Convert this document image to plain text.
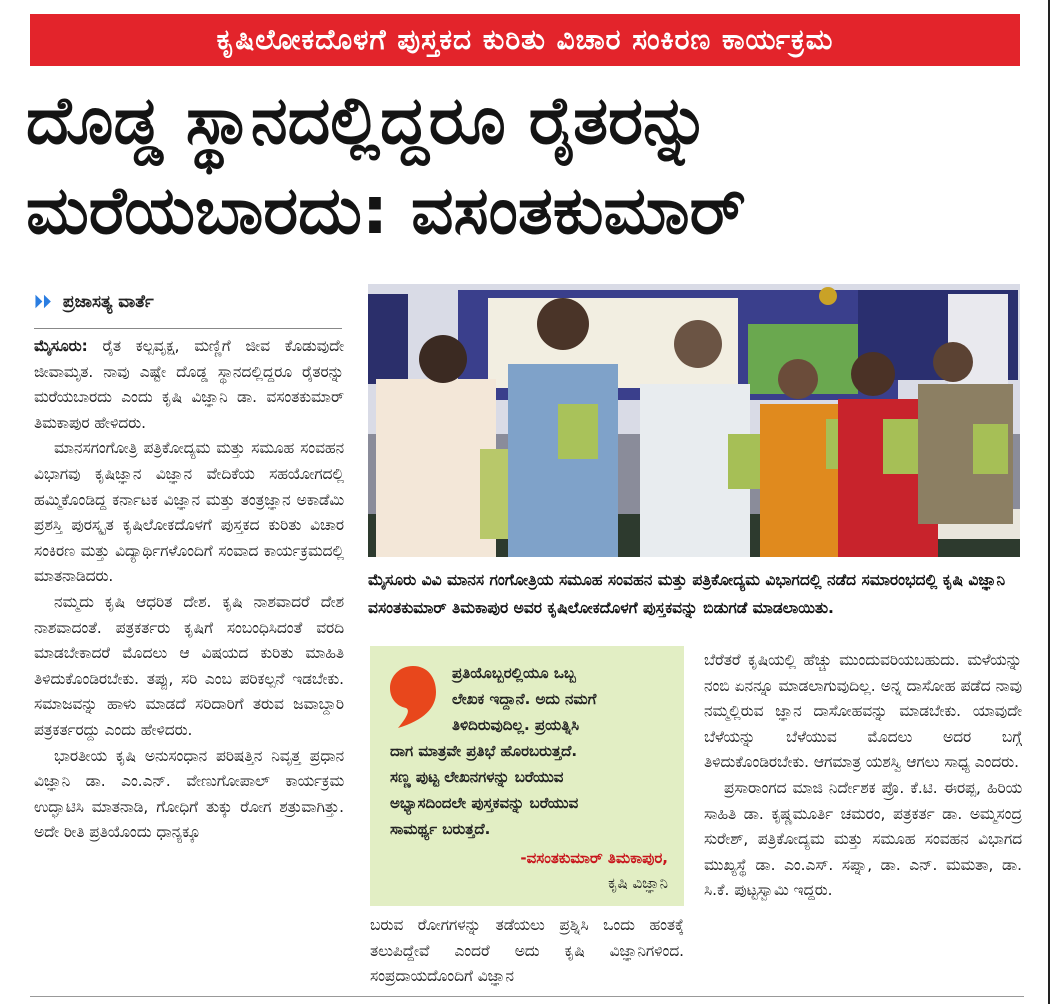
ಕೃಷಿಲೋಕದೊಳಗೆ ಪುಸ್ತಕದ ಕುರಿತು ವಿಚಾರ ಸಂಕಿರಣ ಕಾರ್ಯಕ್ರಮ
ದೊಡ್ಡ ಸ್ಥಾನದಲ್ಲಿದ್ದರೂ ರೈತರನ್ನು
ಮರೆಯಬಾರದು: ವಸಂತಕುಮಾರ್
⏵⏵ ಪ್ರಜಾಸತ್ಯ ವಾರ್ತೆ

ಮೈಸೂರು: ರೈತ ಕಲ್ಪವೃಕ್ಷ, ಮಣ್ಣಿಗೆ ಜೀವ ಕೊಡುವುದೇ ಜೀವಾಮೃತ. ನಾವು ಎಷ್ಟೇ ದೊಡ್ಡ ಸ್ಥಾನದಲ್ಲಿದ್ದರೂ ರೈತರನ್ನು ಮರೆಯಬಾರದು ಎಂದು ಕೃಷಿ ವಿಜ್ಞಾನಿ ಡಾ. ವಸಂತಕುಮಾರ್ ತಿಮಕಾಪುರ ಹೇಳಿದರು.

ಮಾನಸಗಂಗೋತ್ರಿ ಪತ್ರಿಕೋದ್ಯಮ ಮತ್ತು ಸಮೂಹ ಸಂವಹನ ವಿಭಾಗವು ಕೃಷಿಜ್ಞಾನ ವಿಜ್ಞಾನ ವೇದಿಕೆಯ ಸಹಯೋಗದಲ್ಲಿ ಹಮ್ಮಿಕೊಂಡಿದ್ದ ಕರ್ನಾಟಕ ವಿಜ್ಞಾನ ಮತ್ತು ತಂತ್ರಜ್ಞಾನ ಅಕಾಡೆಮಿ ಪ್ರಶಸ್ತಿ ಪುರಸ್ಕೃತ ಕೃಷಿಲೋಕದೊಳಗೆ ಪುಸ್ತಕದ ಕುರಿತು ವಿಚಾರ ಸಂಕಿರಣ ಮತ್ತು ವಿದ್ಯಾರ್ಥಿಗಳೊಂದಿಗೆ ಸಂವಾದ ಕಾರ್ಯಕ್ರಮದಲ್ಲಿ ಮಾತನಾಡಿದರು.

ನಮ್ಮದು ಕೃಷಿ ಆಧರಿತ ದೇಶ. ಕೃಷಿ ನಾಶವಾದರೆ ದೇಶ ನಾಶವಾದಂತೆ. ಪತ್ರಕರ್ತರು ಕೃಷಿಗೆ ಸಂಬಂಧಿಸಿದಂತೆ ವರದಿ ಮಾಡಬೇಕಾದರೆ ಮೊದಲು ಆ ವಿಷಯದ ಕುರಿತು ಮಾಹಿತಿ ತಿಳಿದುಕೊಂಡಿರಬೇಕು. ತಪ್ಪು, ಸರಿ ಎಂಬ ಪರಿಕಲ್ಪನೆ ಇಡಬೇಕು. ಸಮಾಜವನ್ನು ಹಾಳು ಮಾಡದೆ ಸರಿದಾರಿಗೆ ತರುವ ಜವಾಬ್ದಾರಿ ಪತ್ರಕರ್ತರದ್ದು ಎಂದು ಹೇಳಿದರು.

ಭಾರತೀಯ ಕೃಷಿ ಅನುಸಂಧಾನ ಪರಿಷತ್ತಿನ ನಿವೃತ್ತ ಪ್ರಧಾನ ವಿಜ್ಞಾನಿ ಡಾ. ಎಂ.ಎನ್. ವೇಣುಗೋಪಾಲ್ ಕಾರ್ಯಕ್ರಮ ಉದ್ಘಾಟಿಸಿ ಮಾತನಾಡಿ, ಗೋಧಿಗೆ ತುಕ್ಕು ರೋಗ ಶತ್ರುವಾಗಿತ್ತು. ಅದೇ ರೀತಿ ಪ್ರತಿಯೊಂದು ಧಾನ್ಯಕ್ಕೂ

ಮೈಸೂರು ವಿವಿ ಮಾನಸ ಗಂಗೋತ್ರಿಯ ಸಮೂಹ ಸಂವಹನ ಮತ್ತು ಪತ್ರಿಕೋದ್ಯಮ ವಿಭಾಗದಲ್ಲಿ ನಡೆದ ಸಮಾರಂಭದಲ್ಲಿ ಕೃಷಿ ವಿಜ್ಞಾನಿ ವಸಂತಕುಮಾರ್ ತಿಮಕಾಪುರ ಅವರ ಕೃಷಿಲೋಕದೊಳಗೆ ಪುಸ್ತಕವನ್ನು ಬಿಡುಗಡೆ ಮಾಡಲಾಯಿತು.
ಪ್ರತಿಯೊಬ್ಬರಲ್ಲಿಯೂ ಒಬ್ಬ
ಲೇಖಕ ಇದ್ದಾನೆ. ಅದು ನಮಗೆ
ತಿಳಿದಿರುವುದಿಲ್ಲ. ಪ್ರಯತ್ನಿಸಿ
ದಾಗ ಮಾತ್ರವೇ ಪ್ರತಿಭೆ ಹೊರಬರುತ್ತದೆ.
ಸಣ್ಣ ಪುಟ್ಟ ಲೇಖನಗಳನ್ನು ಬರೆಯುವ
ಅಭ್ಯಾಸದಿಂದಲೇ ಪುಸ್ತಕವನ್ನು ಬರೆಯುವ
ಸಾಮರ್ಥ್ಯ ಬರುತ್ತದೆ.
-ವಸಂತಕುಮಾರ್ ತಿಮಕಾಪುರ,
ಕೃಷಿ ವಿಜ್ಞಾನಿ

ಬರುವ ರೋಗಗಳನ್ನು ತಡೆಯಲು ಪ್ರಶ್ನಿಸಿ ಒಂದು ಹಂತಕ್ಕೆ ತಲುಪಿದ್ದೇವೆ ಎಂದರೆ ಅದು ಕೃಷಿ ವಿಜ್ಞಾನಿಗಳಿಂದ. ಸಂಪ್ರದಾಯದೊಂದಿಗೆ ವಿಜ್ಞಾನ

ಬೆರೆತರೆ ಕೃಷಿಯಲ್ಲಿ ಹೆಚ್ಚು ಮುಂದುವರಿಯಬಹುದು. ಮಳೆಯನ್ನು ನಂಬಿ ಏನನ್ನೂ ಮಾಡಲಾಗುವುದಿಲ್ಲ. ಅನ್ನ ದಾಸೋಹ ಪಡೆದ ನಾವು ನಮ್ಮಲ್ಲಿರುವ ಜ್ಞಾನ ದಾಸೋಹವನ್ನು ಮಾಡಬೇಕು. ಯಾವುದೇ ಬೆಳೆಯನ್ನು ಬೆಳೆಯುವ ಮೊದಲು ಅದರ ಬಗ್ಗೆ ತಿಳಿದುಕೊಂಡಿರಬೇಕು. ಆಗಮಾತ್ರ ಯಶಸ್ವಿ ಆಗಲು ಸಾಧ್ಯ ಎಂದರು.

ಪ್ರಸಾರಾಂಗದ ಮಾಜಿ ನಿರ್ದೇಶಕ ಪ್ರೊ. ಕೆ.ಟಿ. ಈರಪ್ಪ, ಹಿರಿಯ ಸಾಹಿತಿ ಡಾ. ಕೃಷ್ಣಮೂರ್ತಿ ಚಮರಂ, ಪತ್ರಕರ್ತ ಡಾ. ಅಮ್ಮಸಂದ್ರ ಸುರೇಶ್, ಪತ್ರಿಕೋದ್ಯಮ ಮತ್ತು ಸಮೂಹ ಸಂವಹನ ವಿಭಾಗದ ಮುಖ್ಯಸ್ಥೆ ಡಾ. ಎಂ.ಎಸ್. ಸಪ್ನಾ, ಡಾ. ಎನ್. ಮಮತಾ, ಡಾ. ಸಿ.ಕೆ. ಪುಟ್ಟಸ್ವಾಮಿ ಇದ್ದರು.
